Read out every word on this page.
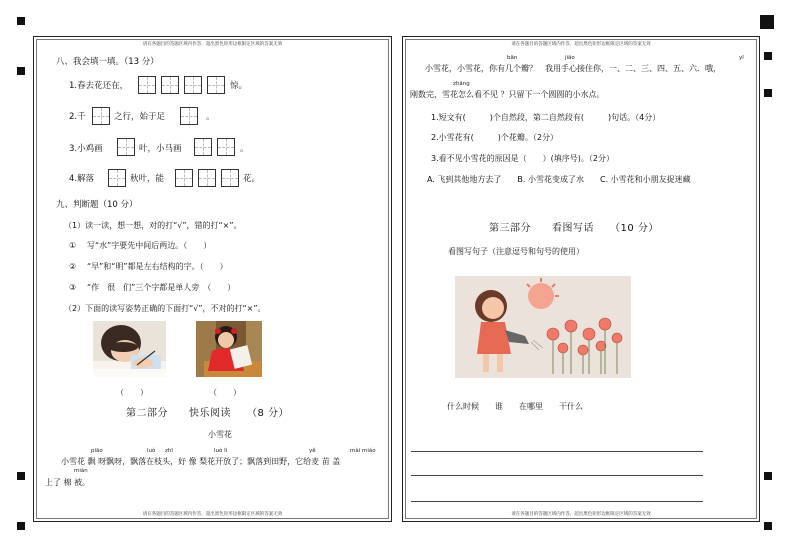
请在各题目的答题区域内作答，超出黑色矩形边框限定区域的答案无效
八、我会填一填。（13 分）
1.春去花还在，	惊。
2.千	之行，始于足	。
3.小鸡画	叶，小马画	。
4.解落	秋叶，能	花。
九、判断题（10 分）
（1）读一读，想一想，对的打“√”，错的打“×”。
① 写“水”字要先中间后两边。（　　）
② “早”和“明”都是左右结构的字。（　　）
③ “作　很　们”三个字都是单人旁　（　　）
（2）下面的读写姿势正确的下面打“√”，不对的打“×”。
（　　）	（　　）
第二部分　　快乐阅读　　（8 分）
小雪花
piāo	luò zhī	luò lì	yě	mài miáo
小雪花 飘 呀飘呀，飘落在枝头，好 像 梨花开放了；飘落到田野，它给麦 苗 盖
mián
上了 棉 被。
请在各题目的答题区域内作答，超出黑色矩形边框限定区域的答案无效
请在各题目的答题区域内作答，超出黑色矩形边框限定区域的答案无效
bān	jiāo	yī
小雪花，小雪花，你有几个瓣？　我用手心接住你，一、二、三、四、五、六．哦，
zhāng
刚数完，雪花怎么看不见 ？只留下一个圆圆的小水点。
1.短文有(　　　)个自然段，第二自然段有(　　　)句话。（4分）
2.小雪花有(　　　)个花瓣。（2分）
3.看不见小雪花的原因是（　　）(填序号)。（2分）
A. 飞到其他地方去了　　B. 小雪花变成了水　　C. 小雪花和小朋友捉迷藏
第三部分　　看图写话　　（10 分）
看图写句子（注意逗号和句号的使用）
什么时候　　谁　　在哪里　　干什么
请在各题目的答题区域内作答，超出黑色矩形边框限定区域的答案无效
